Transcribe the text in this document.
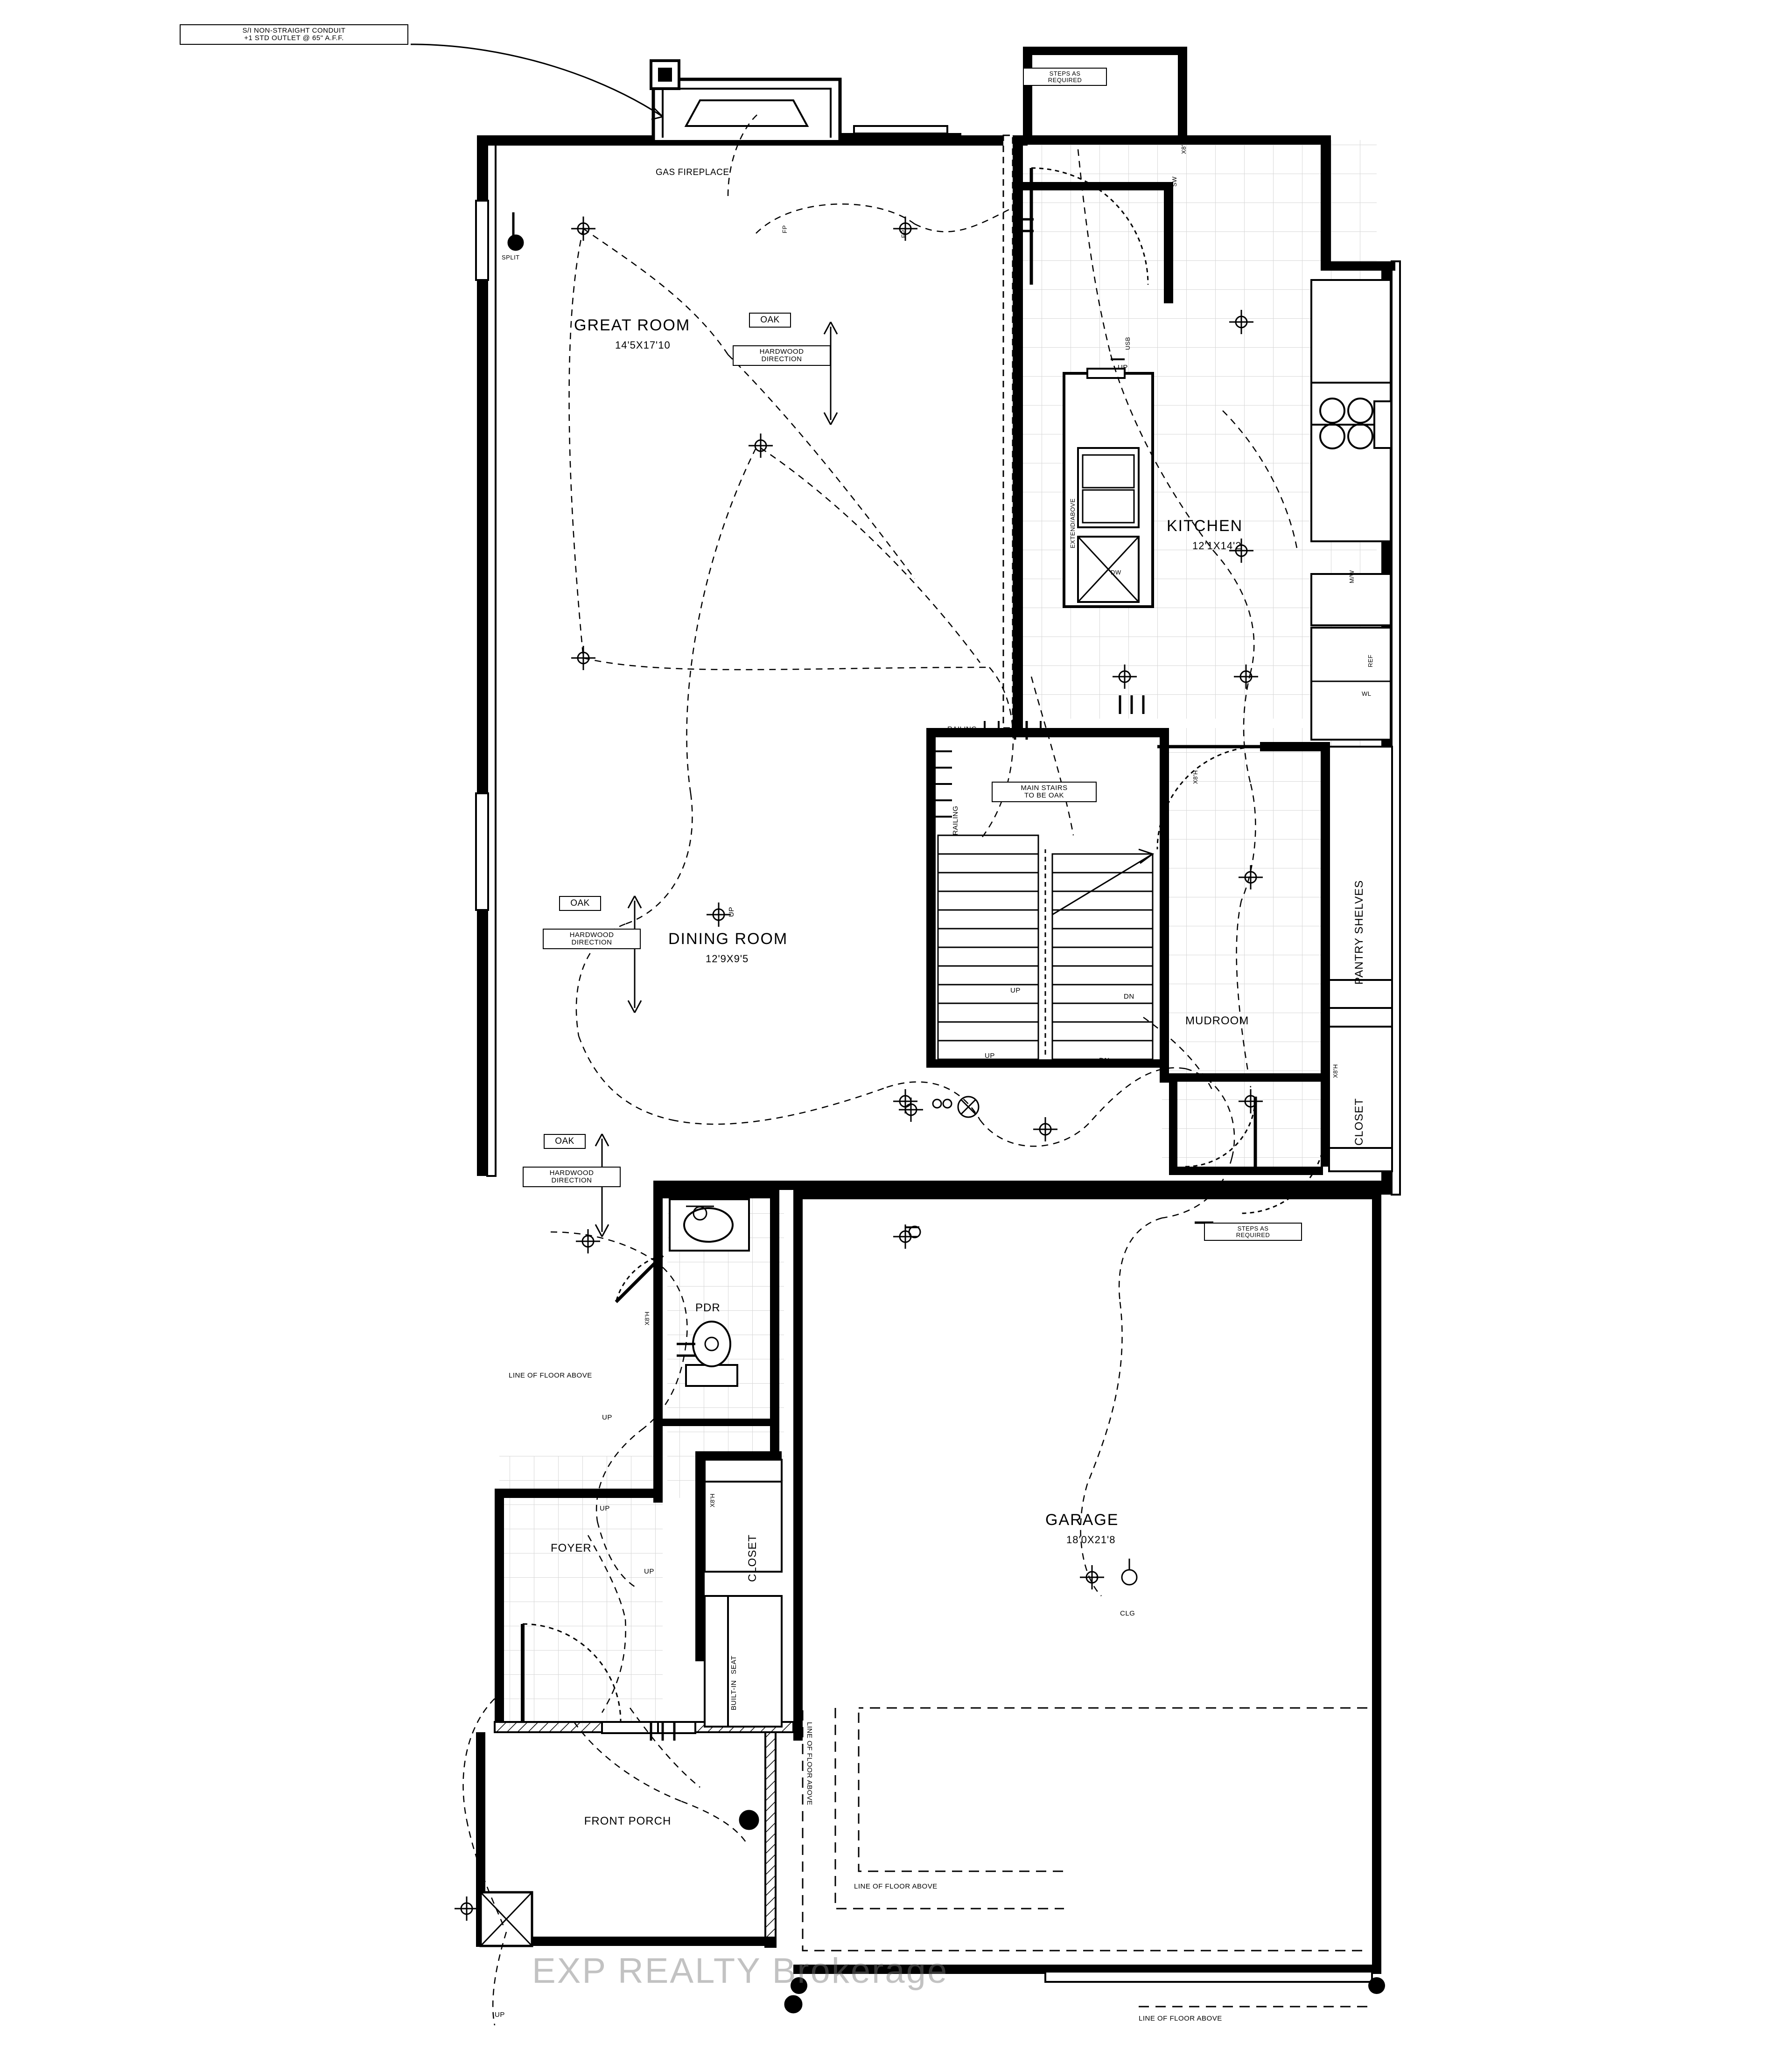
S/I NON-STRAIGHT CONDUIT
+1 STD OUTLET @ 65" A.F.F.
STEPS AS
REQUIRED
STEPS AS
REQUIRED
GAS FIREPLACE
GREAT ROOM
14'5X17'10
OAK
HARDWOOD
DIRECTION
DINING ROOM
12'9X9'5
OAK
HARDWOOD
DIRECTION
OAK
HARDWOOD
DIRECTION
KITCHEN
12'1X14'2
MUDROOM
GARAGE
18'0X21'8
CLG
FOYER
PDR
FRONT PORCH
MAIN STAIRS
TO BE OAK
RAILING
RAILING
UP
UP
DN
DN
PANTRY SHELVES
CLOSET
CLOSET
BUILT-IN SEAT
EXTEND/ABOVE
DW
REF
M/W
WL
SPLIT
FP
FP
USB
SW
UP
UP
UP
UP
UP
UP
X8'H
X8'H
X8'H
X8'H
X8'H
LINE OF FLOOR ABOVE
LINE OF FLOOR ABOVE
LINE OF FLOOR ABOVE
LINE OF FLOOR ABOVE
EXP REALTY Brokerage
